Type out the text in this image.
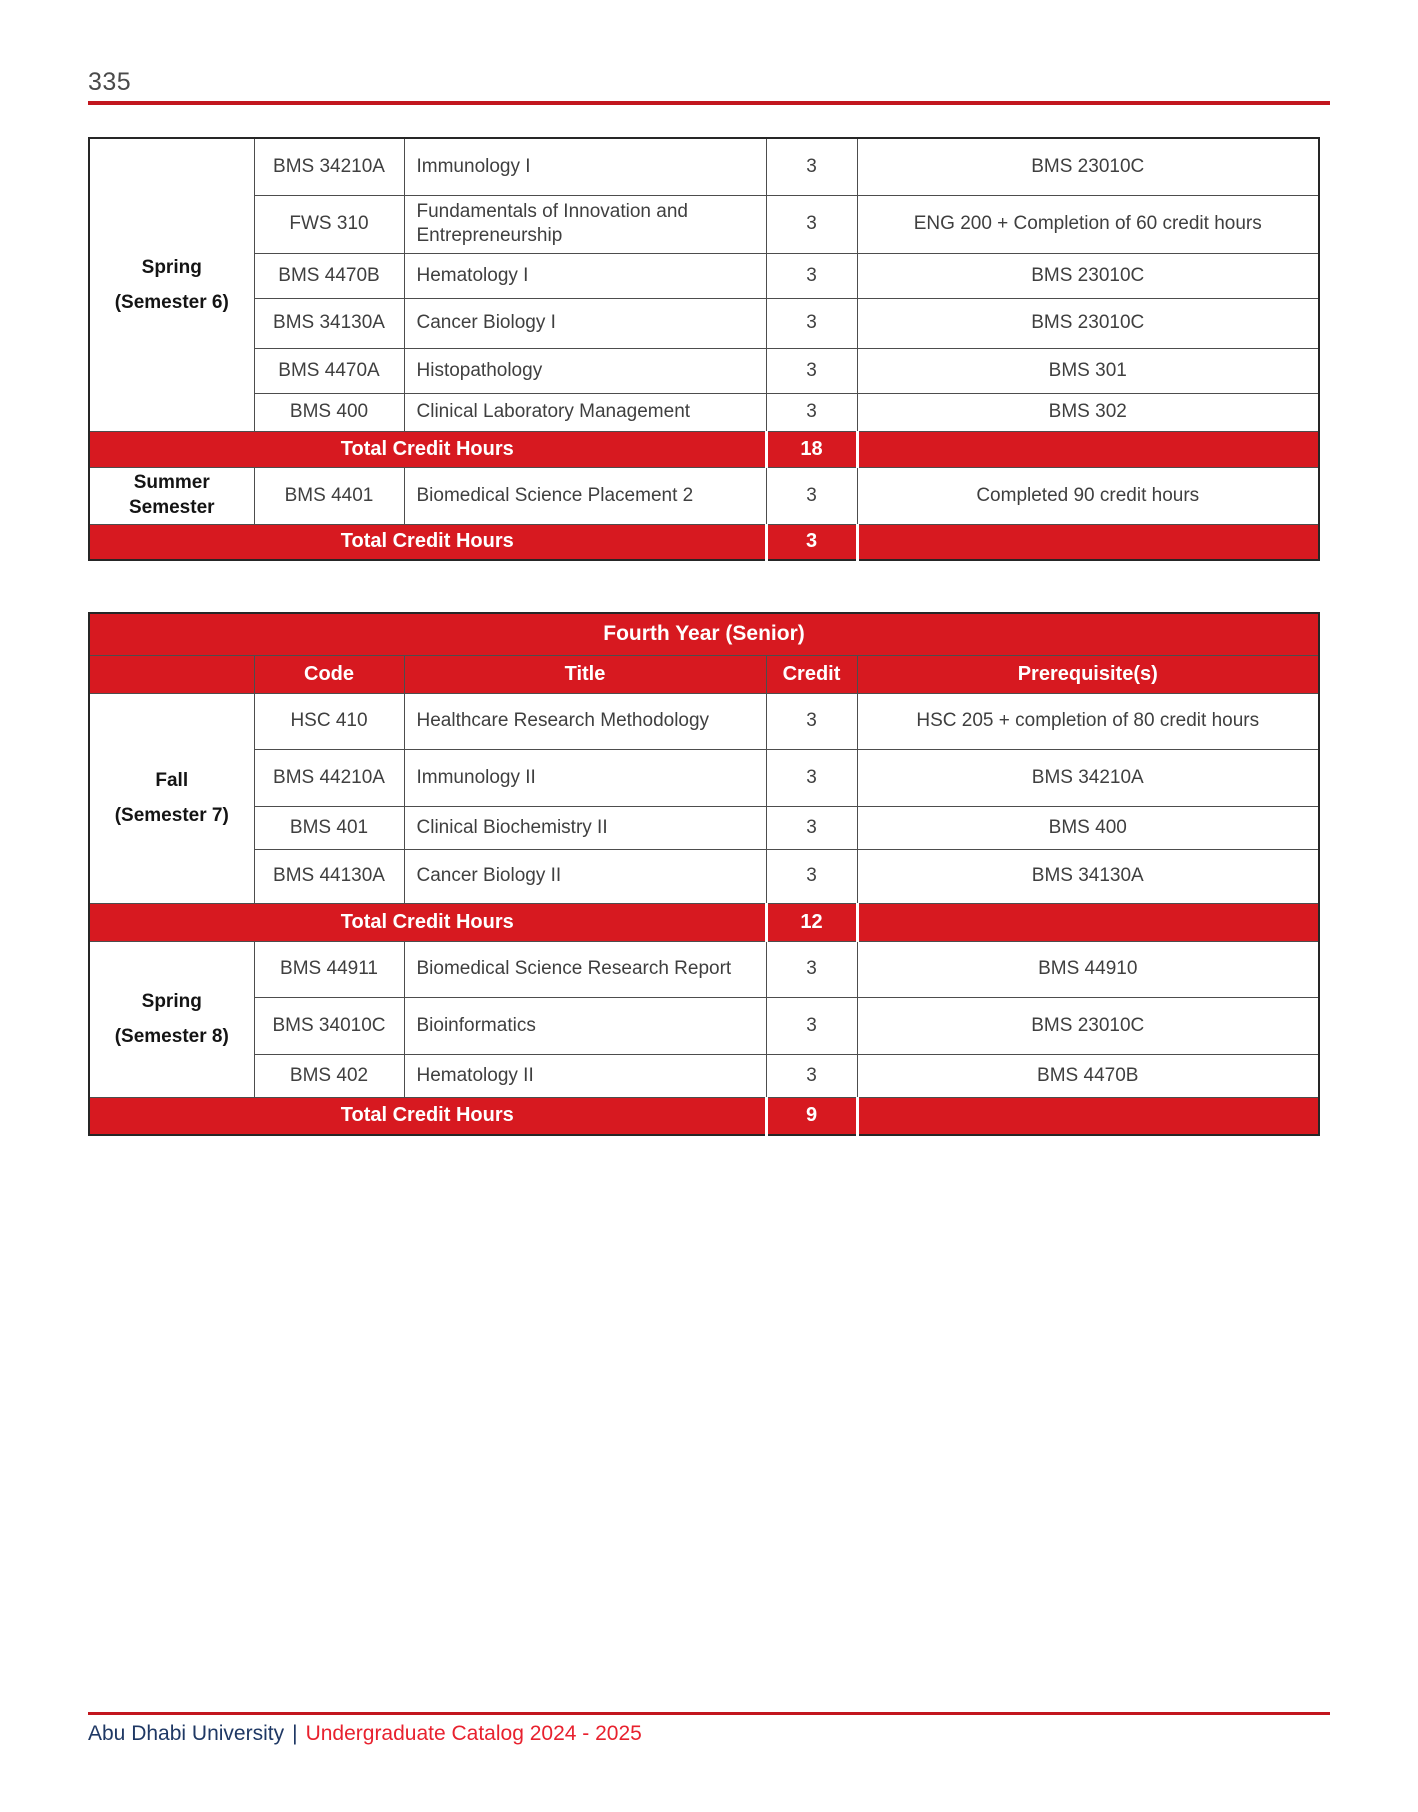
335
Spring
(Semester 6)	BMS 34210A	Immunology I	3	BMS 23010C
	FWS 310	Fundamentals of Innovation and Entrepreneurship	3	ENG 200 + Completion of 60 credit hours
	BMS 4470B	Hematology I	3	BMS 23010C
	BMS 34130A	Cancer Biology I	3	BMS 23010C
	BMS 4470A	Histopathology	3	BMS 301
	BMS 400	Clinical Laboratory Management	3	BMS 302
Total Credit Hours			18	

Summer
Semester	BMS 4401	Biomedical Science Placement 2	3	Completed 90 credit hours
Total Credit Hours			3	
Fourth Year (Senior)				
	Code	Title	Credit	Prerequisite(s)

Fall
(Semester 7)	HSC 410	Healthcare Research Methodology	3	HSC 205 + completion of 80 credit hours
	BMS 44210A	Immunology II	3	BMS 34210A
	BMS 401	Clinical Biochemistry II	3	BMS 400
	BMS 44130A	Cancer Biology II	3	BMS 34130A
Total Credit Hours			12	

Spring
(Semester 8)	BMS 44911	Biomedical Science Research Report	3	BMS 44910
	BMS 34010C	Bioinformatics	3	BMS 23010C
	BMS 402	Hematology II	3	BMS 4470B
Total Credit Hours			9	
Abu Dhabi University | Undergraduate Catalog 2024 - 2025
